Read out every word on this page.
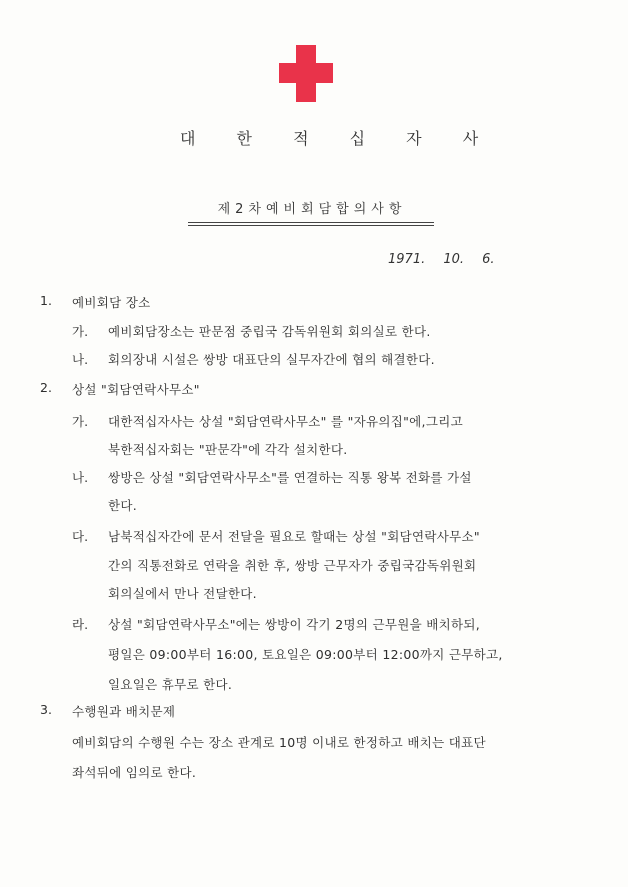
대 한 적 십 자 사
제2차예비회담합의사항
1971. 10. 6.
1. 예비회담 장소
가. 예비회담장소는 판문점 중립국 감독위원회 회의실로 한다.
나. 회의장내 시설은 쌍방 대표단의 실무자간에 협의 해결한다.
2. 상설 "회담연락사무소"
가. 대한적십자사는 상설 "회담연락사무소" 를 "자유의집"에,그리고
북한적십자회는 "판문각"에 각각 설치한다.
나. 쌍방은 상설 "회담연락사무소"를 연결하는 직통 왕복 전화를 가설
한다.
다. 남북적십자간에 문서 전달을 필요로 할때는 상설 "회담연락사무소"
간의 직통전화로 연락을 취한 후, 쌍방 근무자가 중립국감독위원회
회의실에서 만나 전달한다.
라. 상설 "회담연락사무소"에는 쌍방이 각기 2명의 근무원을 배치하되,
평일은 09:00부터 16:00, 토요일은 09:00부터 12:00까지 근무하고,
일요일은 휴무로 한다.
3. 수행원과 배치문제
예비회담의 수행원 수는 장소 관계로 10명 이내로 한정하고 배치는 대표단
좌석뒤에 임의로 한다.
